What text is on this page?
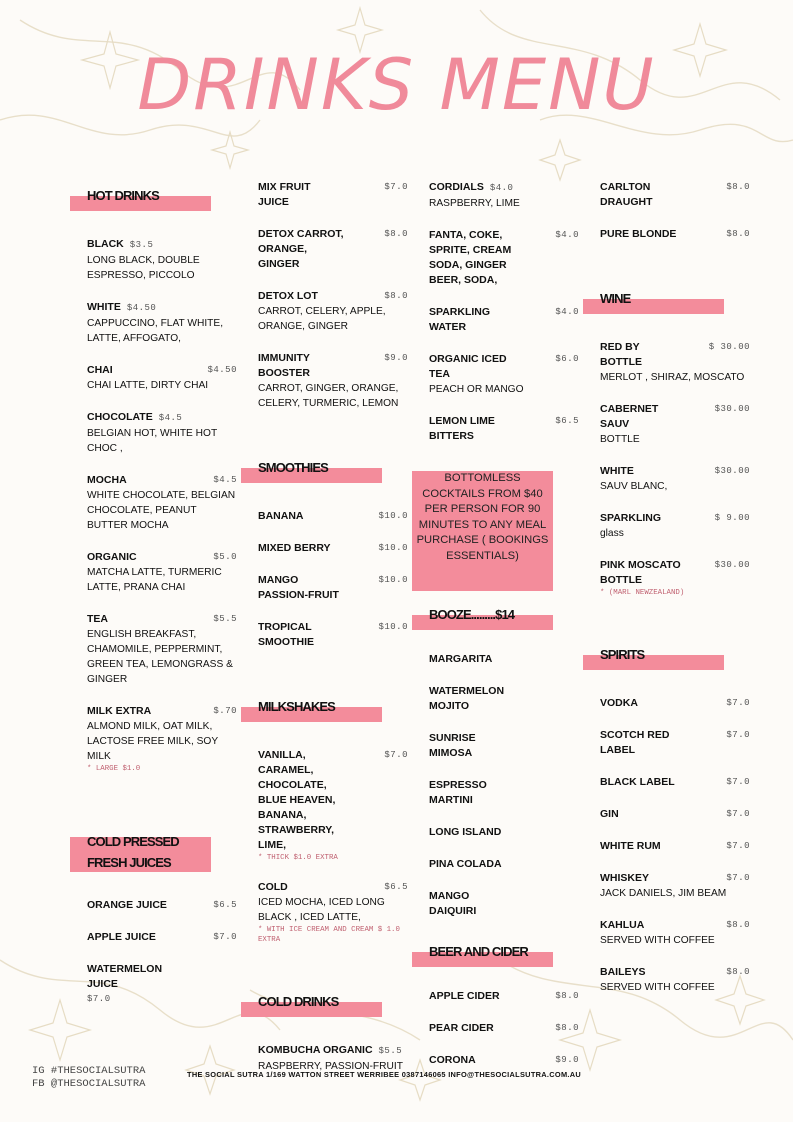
DRINKS MENU
HOT DRINKS
BLACK $3.5
LONG BLACK, DOUBLE ESPRESSO, PICCOLO
WHITE $4.50
CAPPUCCINO, FLAT WHITE, LATTE, AFFOGATO,
CHAI	$4.50
CHAI LATTE, DIRTY CHAI
CHOCOLATE $4.5
BELGIAN HOT, WHITE HOT CHOC ,
MOCHA	$4.5
WHITE CHOCOLATE, BELGIAN CHOCOLATE, PEANUT BUTTER MOCHA
ORGANIC	$5.0
MATCHA LATTE, TURMERIC LATTE, PRANA CHAI
TEA	$5.5
ENGLISH BREAKFAST, CHAMOMILE, PEPPERMINT, GREEN TEA, LEMONGRASS & GINGER
MILK EXTRA	$.70
ALMOND MILK, OAT MILK, LACTOSE FREE MILK, SOY MILK
* LARGE $1.0
COLD PRESSED FRESH JUICES
ORANGE JUICE	$6.5
APPLE JUICE	$7.0
WATERMELON JUICE
$7.0
MIX FRUIT JUICE
$7.0
DETOX CARROT, ORANGE, GINGER
$8.0
DETOX LOT	$8.0
CARROT, CELERY, APPLE, ORANGE, GINGER
IMMUNITY BOOSTER
$9.0
CARROT, GINGER, ORANGE, CELERY, TURMERIC, LEMON
SMOOTHIES
BANANA	$10.0
MIXED BERRY	$10.0
MANGO PASSION-FRUIT
$10.0
TROPICAL SMOOTHIE
$10.0
MILKSHAKES
VANILLA, CARAMEL, CHOCOLATE, BLUE HEAVEN, BANANA, STRAWBERRY, LIME,
$7.0
* THICK $1.0 EXTRA
COLD	$6.5
ICED MOCHA, ICED LONG BLACK , ICED LATTE,
* WITH ICE CREAM AND CREAM $ 1.0 EXTRA
COLD DRINKS
KOMBUCHA ORGANIC $5.5
RASPBERRY, PASSION-FRUIT
CORDIALS $4.0
RASPBERRY, LIME
FANTA, COKE, SPRITE, CREAM SODA, GINGER BEER, SODA,
$4.0
SPARKLING WATER
$4.0
ORGANIC ICED TEA
$6.0
PEACH OR MANGO
LEMON LIME BITTERS
$6.5
BOOZE.........$14
MARGARITA
WATERMELON MOJITO
SUNRISE MIMOSA
ESPRESSO MARTINI
LONG ISLAND
PINA COLADA
MANGO DAIQUIRI
BEER AND CIDER
APPLE CIDER	$8.0
PEAR CIDER	$8.0
CORONA	$9.0
CARLTON DRAUGHT
$8.0
PURE BLONDE	$8.0
WINE
RED BY BOTTLE
$ 30.00
MERLOT , SHIRAZ, MOSCATO
CABERNET SAUV
$30.00
BOTTLE
WHITE	$30.00
SAUV BLANC,
SPARKLING	$ 9.00
glass
PINK MOSCATO BOTTLE
$30.00
* (MARL NEWZEALAND)
SPIRITS
VODKA	$7.0
SCOTCH RED LABEL
$7.0
BLACK LABEL	$7.0
GIN	$7.0
WHITE RUM	$7.0
WHISKEY	$7.0
JACK DANIELS, JIM BEAM
KAHLUA	$8.0
SERVED WITH COFFEE
BAILEYS	$8.0
SERVED WITH COFFEE
IG #THESOCIALSUTRA
FB @THESOCIALSUTRA
THE SOCIAL SUTRA 1/169 WATTON STREET WERRIBEE 0387146065 INFO@THESOCIALSUTRA.COM.AU
BOTTOMLESS COCKTAILS FROM $40 PER PERSON FOR 90 MINUTES TO ANY MEAL PURCHASE ( BOOKINGS ESSENTIALS)
